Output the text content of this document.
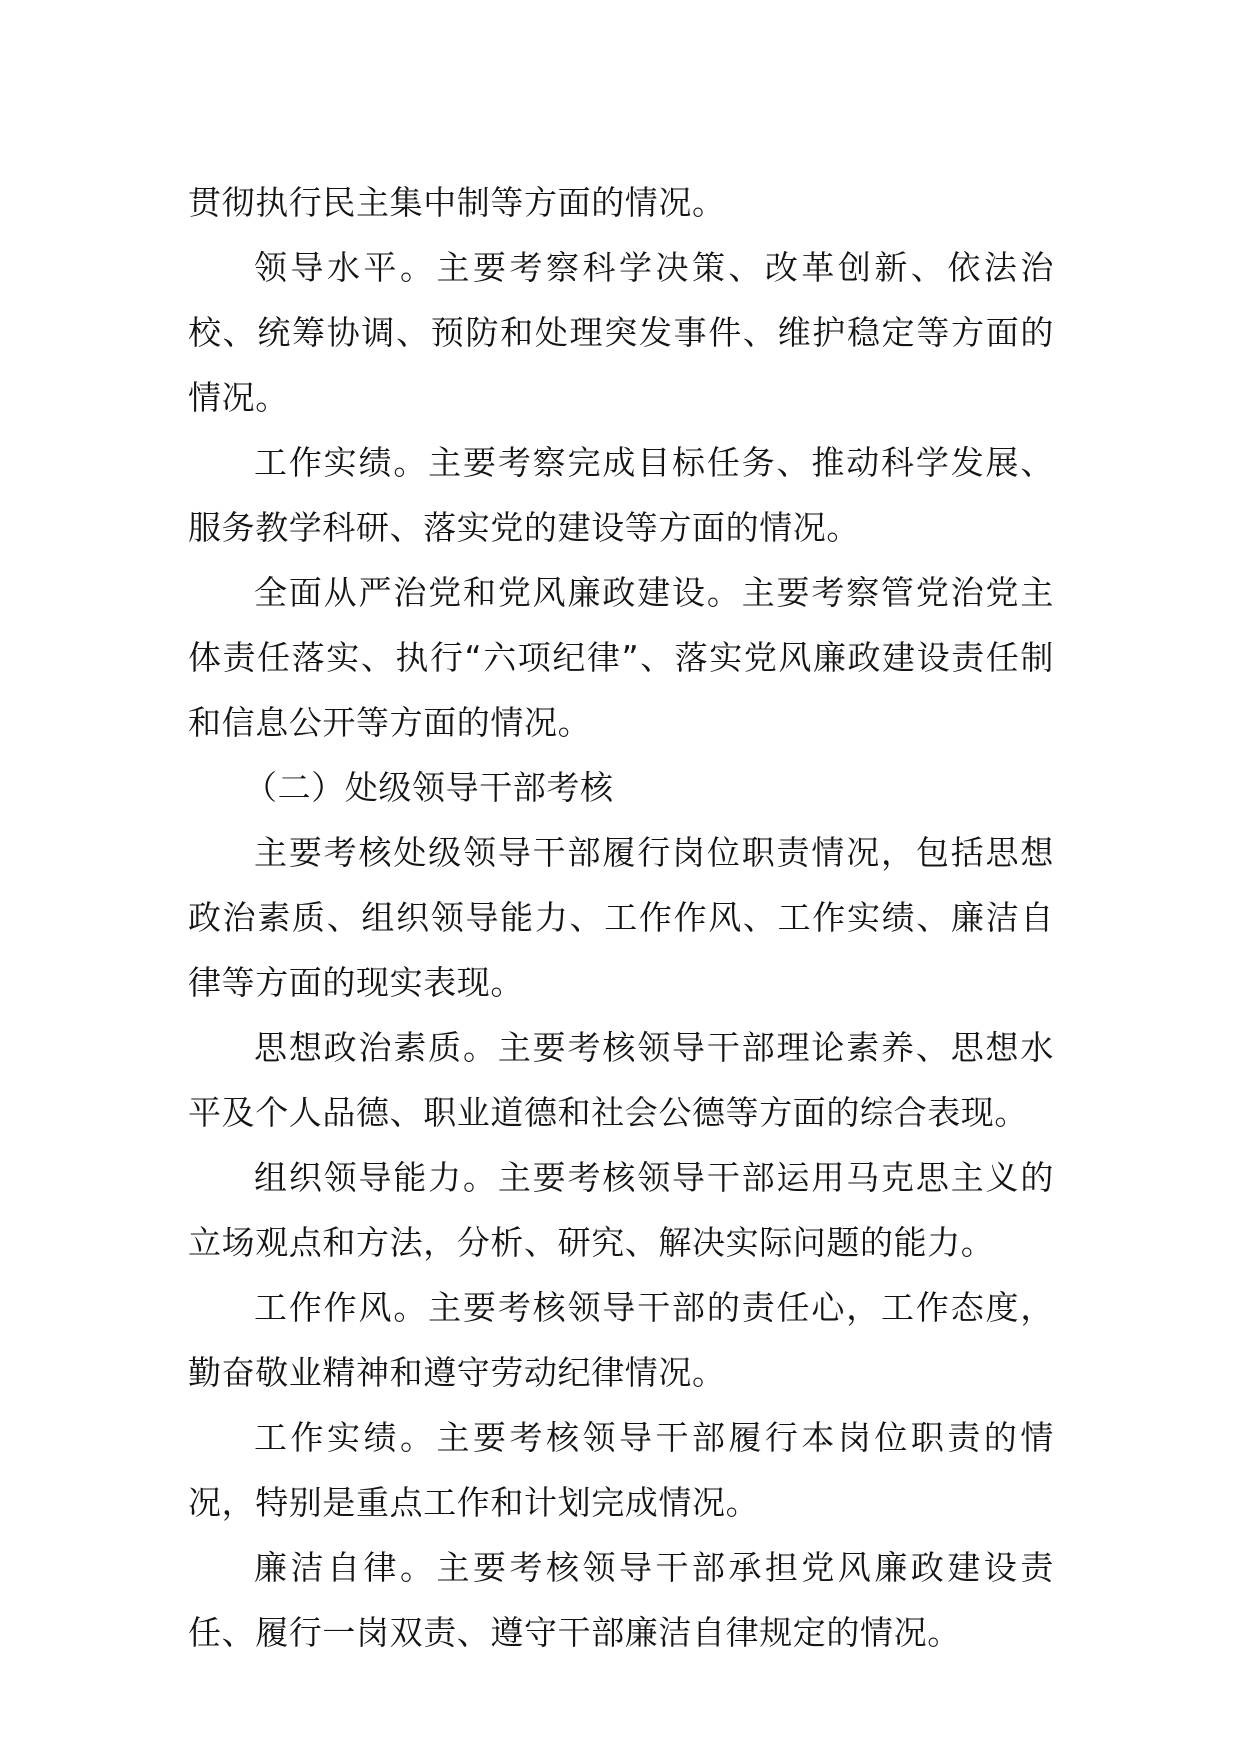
贯彻执行民主集中制等方面的情况。

领导水平。主要考察科学决策、改革创新、依法治校、统筹协调、预防和处理突发事件、维护稳定等方面的情况。

工作实绩。主要考察完成目标任务、推动科学发展、服务教学科研、落实党的建设等方面的情况。

全面从严治党和党风廉政建设。主要考察管党治党主体责任落实、执行“六项纪律”、落实党风廉政建设责任制和信息公开等方面的情况。

（二）处级领导干部考核

主要考核处级领导干部履行岗位职责情况，包括思想政治素质、组织领导能力、工作作风、工作实绩、廉洁自律等方面的现实表现。

思想政治素质。主要考核领导干部理论素养、思想水平及个人品德、职业道德和社会公德等方面的综合表现。

组织领导能力。主要考核领导干部运用马克思主义的立场观点和方法，分析、研究、解决实际问题的能力。

工作作风。主要考核领导干部的责任心，工作态度，勤奋敬业精神和遵守劳动纪律情况。

工作实绩。主要考核领导干部履行本岗位职责的情况，特别是重点工作和计划完成情况。

廉洁自律。主要考核领导干部承担党风廉政建设责任、履行一岗双责、遵守干部廉洁自律规定的情况。
